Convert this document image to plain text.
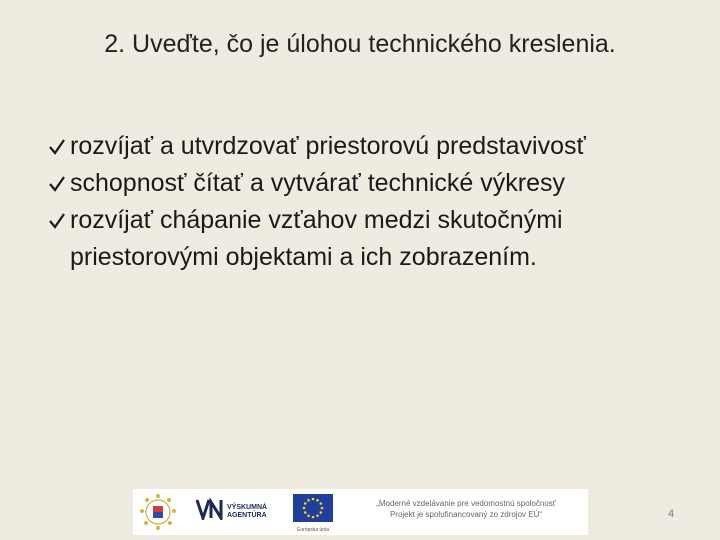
2. Uveďte, čo je úlohou technického kreslenia.
rozvíjať a utvrdzovať priestorovú predstavivosť
schopnosť čítať a vytvárať technické výkresy
rozvíjať chápanie vzťahov medzi skutočnými priestorovými objektami a ich zobrazením.
VÝSKUMNÁ AGENTÚRA
Európska únia
„Moderné vzdelávanie pre vedomostnú spoločnosť
Projekt je spolufinancovaný zo zdrojov EÚ“	4
